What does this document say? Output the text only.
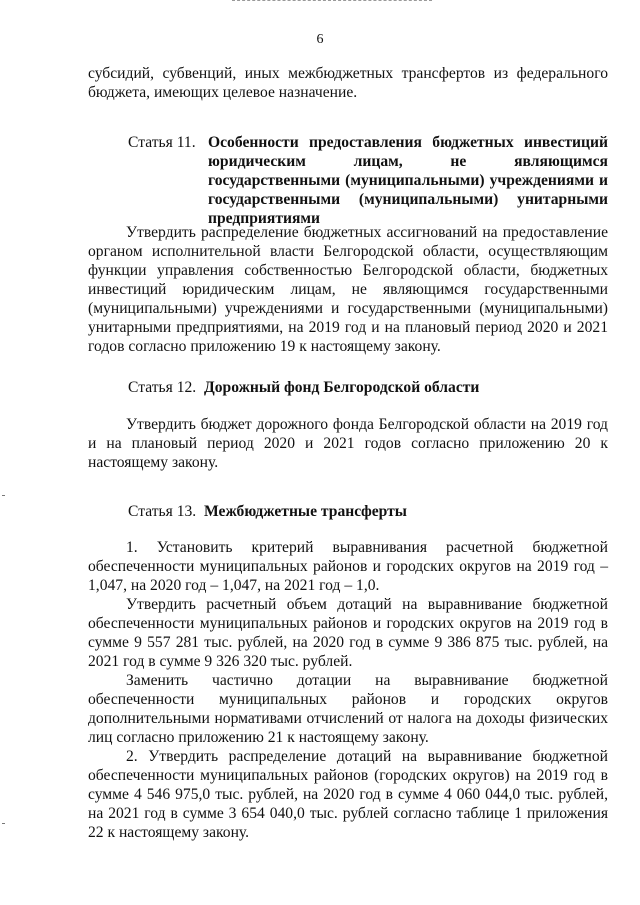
6

субсидий, субвенций, иных межбюджетных трансфертов из федерального бюджета, имеющих целевое назначение.

Статья 11. Особенности предоставления бюджетных инвестиций юридическим лицам, не являющимся государственными (муниципальными) учреждениями и государственными (муниципальными) унитарными предприятиями

Утвердить распределение бюджетных ассигнований на предоставление органом исполнительной власти Белгородской области, осуществляющим функции управления собственностью Белгородской области, бюджетных инвестиций юридическим лицам, не являющимся государственными (муниципальными) учреждениями и государственными (муниципальными) унитарными предприятиями, на 2019 год и на плановый период 2020 и 2021 годов согласно приложению 19 к настоящему закону.

Статья 12. Дорожный фонд Белгородской области

Утвердить бюджет дорожного фонда Белгородской области на 2019 год и на плановый период 2020 и 2021 годов согласно приложению 20 к настоящему закону.

Статья 13. Межбюджетные трансферты

1. Установить критерий выравнивания расчетной бюджетной обеспеченности муниципальных районов и городских округов на 2019 год – 1,047, на 2020 год – 1,047, на 2021 год – 1,0.

Утвердить расчетный объем дотаций на выравнивание бюджетной обеспеченности муниципальных районов и городских округов на 2019 год в сумме 9 557 281 тыс. рублей, на 2020 год в сумме 9 386 875 тыс. рублей, на 2021 год в сумме 9 326 320 тыс. рублей.

Заменить частично дотации на выравнивание бюджетной обеспеченности муниципальных районов и городских округов дополнительными нормативами отчислений от налога на доходы физических лиц согласно приложению 21 к настоящему закону.

2. Утвердить распределение дотаций на выравнивание бюджетной обеспеченности муниципальных районов (городских округов) на 2019 год в сумме 4 546 975,0 тыс. рублей, на 2020 год в сумме 4 060 044,0 тыс. рублей, на 2021 год в сумме 3 654 040,0 тыс. рублей согласно таблице 1 приложения 22 к настоящему закону.
